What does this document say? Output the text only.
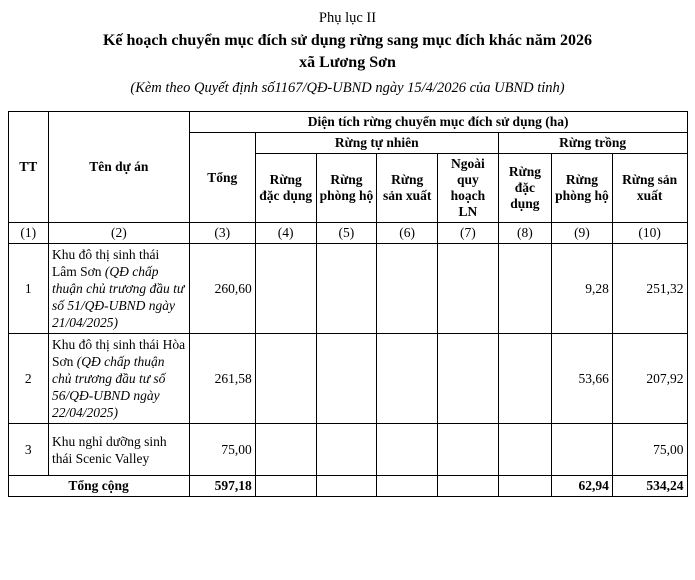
Phụ lục II
Kế hoạch chuyển mục đích sử dụng rừng sang mục đích khác năm 2026
xã Lương Sơn
(Kèm theo Quyết định số1167/QĐ-UBND ngày 15/4/2026 của UBND tỉnh)
TT	Tên dự án	Diện tích rừng chuyển mục đích sử dụng (ha)							
		Tổng	Rừng tự nhiên				Rừng trồng		
			Rừng đặc dụng	Rừng phòng hộ	Rừng sản xuất	Ngoài quy hoạch LN	Rừng đặc dụng	Rừng phòng hộ	Rừng sản xuất
(1)	(2)	(3)	(4)	(5)	(6)	(7)	(8)	(9)	(10)
1	Khu đô thị sinh thái Lâm Sơn (QĐ chấp thuận chủ trương đầu tư số 51/QĐ-UBND ngày 21/04/2025)	260,60						9,28	251,32
2	Khu đô thị sinh thái Hòa Sơn (QĐ chấp thuận chủ trương đầu tư số 56/QĐ-UBND ngày 22/04/2025)	261,58						53,66	207,92
3	Khu nghỉ dưỡng sinh thái Scenic Valley	75,00							75,00
Tổng cộng		597,18						62,94	534,24
